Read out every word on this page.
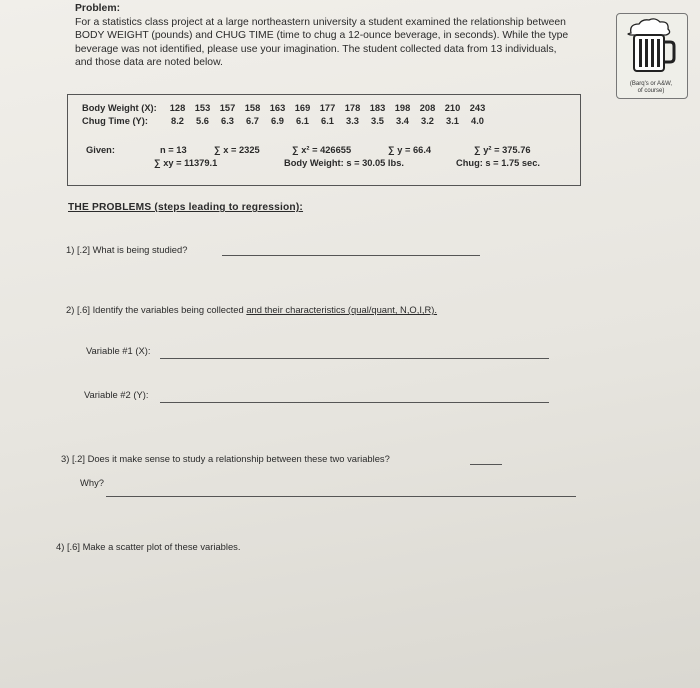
Problem:
For a statistics class project at a large northeastern university a student examined the relationship between
BODY WEIGHT (pounds) and CHUG TIME (time to chug a 12-ounce beverage, in seconds). While the type
beverage was not identified, please use your imagination. The student collected data from 13 individuals,
and those data are noted below.
(Barq's or A&W,
of course)
Body Weight (X): 128 153 157 158 163 169 177 178 183 198 208 210 243
Chug Time (Y): 8.2 5.6 6.3 6.7 6.9 6.1 6.1 3.3 3.5 3.4 3.2 3.1 4.0
Given:	n = 13	∑ x = 2325	∑ x² = 426655	∑ y = 66.4	∑ y² = 375.76
∑ xy = 11379.1	Body Weight: s = 30.05 lbs.	Chug: s = 1.75 sec.
THE PROBLEMS (steps leading to regression):
1) [.2] What is being studied?
2) [.6] Identify the variables being collected and their characteristics (qual/quant, N,O,I,R).
Variable #1 (X):
Variable #2 (Y):
3) [.2] Does it make sense to study a relationship between these two variables?
Why?
4) [.6] Make a scatter plot of these variables.
